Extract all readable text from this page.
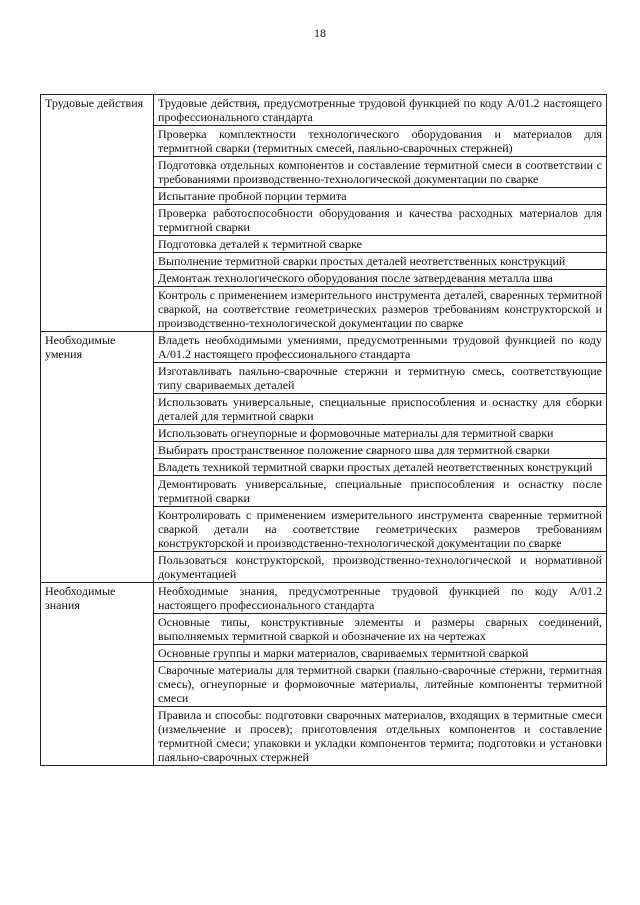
18
Трудовые действия	Трудовые действия, предусмотренные трудовой функцией по коду А/01.2 настоящего профессионального стандарта
	Проверка комплектности технологического оборудования и материалов для термитной сварки (термитных смесей, паяльно-сварочных стержней)
	Подготовка отдельных компонентов и составление термитной смеси в соответствии с требованиями производственно-технологической документации по сварке
	Испытание пробной порции термита
	Проверка работоспособности оборудования и качества расходных материалов для термитной сварки
	Подготовка деталей к термитной сварке
	Выполнение термитной сварки простых деталей неответственных конструкций
	Демонтаж технологического оборудования после затвердевания металла шва
	Контроль с применением измерительного инструмента деталей, сваренных термитной сваркой, на соответствие геометрических размеров требованиям конструкторской и производственно-технологической документации по сварке
Необходимые умения	Владеть необходимыми умениями, предусмотренными трудовой функцией по коду А/01.2 настоящего профессионального стандарта
	Изготавливать паяльно-сварочные стержни и термитную смесь, соответствующие типу свариваемых деталей
	Использовать универсальные, специальные приспособления и оснастку для сборки деталей для термитной сварки
	Использовать огнеупорные и формовочные материалы для термитной сварки
	Выбирать пространственное положение сварного шва для термитной сварки
	Владеть техникой термитной сварки простых деталей неответственных конструкций
	Демонтировать универсальные, специальные приспособления и оснастку после термитной сварки
	Контролировать с применением измерительного инструмента сваренные термитной сваркой детали на соответствие геометрических размеров требованиям конструкторской и производственно-технологической документации по сварке
	Пользоваться конструкторской, производственно-технологической и нормативной документацией
Необходимые знания	Необходимые знания, предусмотренные трудовой функцией по коду А/01.2 настоящего профессионального стандарта
	Основные типы, конструктивные элементы и размеры сварных соединений, выполняемых термитной сваркой и обозначение их на чертежах
	Основные группы и марки материалов, свариваемых термитной сваркой
	Сварочные материалы для термитной сварки (паяльно-сварочные стержни, термитная смесь), огнеупорные и формовочные материалы, литейные компоненты термитной смеси
	Правила и способы: подготовки сварочных материалов, входящих в термитные смеси (измельчение и просев); приготовления отдельных компонентов и составление термитной смеси; упаковки и укладки компонентов термита; подготовки и установки паяльно-сварочных стержней
